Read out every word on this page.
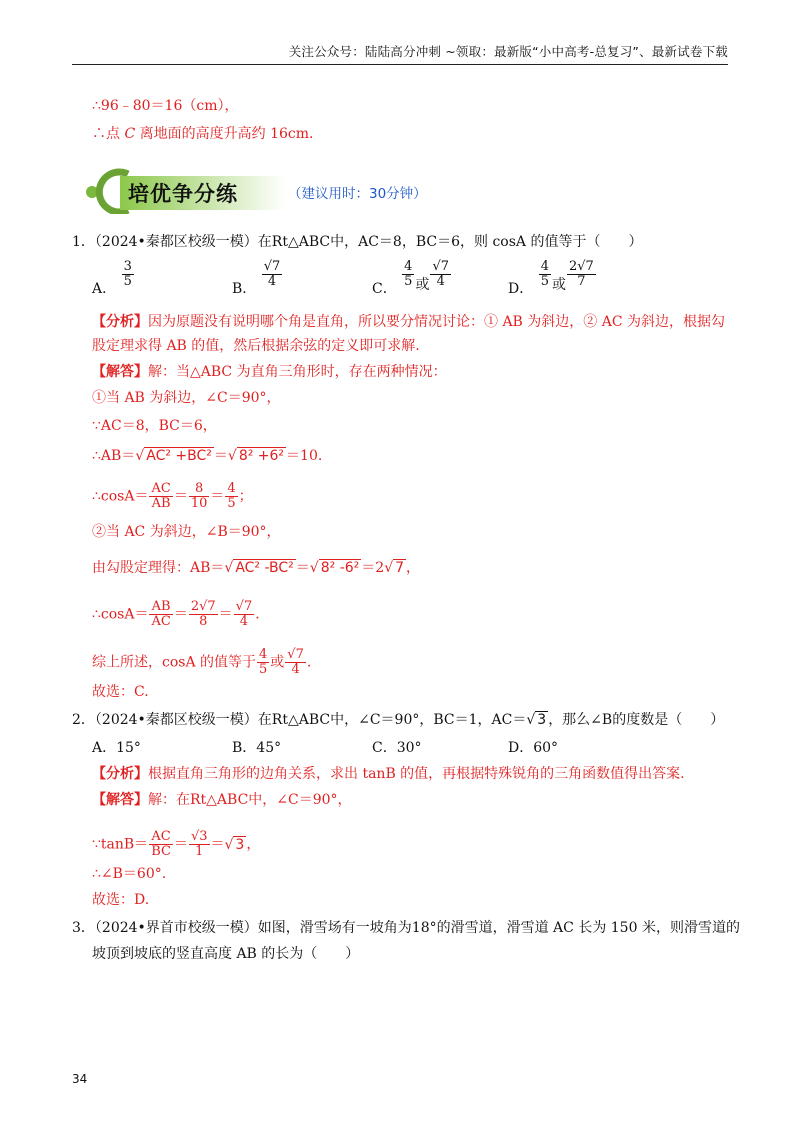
关注公众号：陆陆高分冲刺 ~领取：最新版“小中高考-总复习”、最新试卷下载
∴96﹣80＝16（cm），
∴点 C 离地面的高度升高约 16cm.
培优争分练	（建议用时：30分钟）
1．（2024•秦都区校级一模）在Rt△ABC中，AC＝8，BC＝6，则 cosA 的值等于（　　）
A． $\frac{3}{5}$	B． $\frac{√7}{4}$	C． $\frac{4}{5}$ 或 $\frac{√7}{4}$	D． $\frac{4}{5}$ 或 $\frac{2√7}{7}$
【分析】因为原题没有说明哪个角是直角，所以要分情况讨论：① AB 为斜边，② AC 为斜边，根据勾
股定理求得 AB 的值，然后根据余弦的定义即可求解.
【解答】解：当△ABC 为直角三角形时，存在两种情况：
①当 AB 为斜边，∠C＝90°，
∵AC＝8，BC＝6，
∴AB＝√ AC² +BC² ＝√ 8² +6² ＝10.
∴cosA＝ $\frac{AC}{AB} = \frac{8}{10} = \frac{4}{5}$ ；
②当 AC 为斜边，∠B＝90°，
由勾股定理得：AB＝√ AC² -BC² ＝√ 8² -6² ＝2√ 7 ，
∴cosA＝ $\frac{AB}{AC} = \frac{2√7}{8} = \frac{√7}{4}$ ．
综上所述，cosA 的值等于 $\frac{4}{5}$ 或 $\frac{√7}{4}$ .
故选：C.
2．（2024•秦都区校级一模）在Rt△ABC中，∠C＝90°，BC＝1，AC＝√ 3 ，那么∠B的度数是（　　）
A．15°	B．45°	C．30°	D．60°
【分析】根据直角三角形的边角关系，求出 tanB 的值，再根据特殊锐角的三角函数值得出答案.
【解答】解：在Rt△ABC中，∠C＝90°，
∵tanB＝ $\frac{AC}{BC} = \frac{√3}{1}$ ＝√ 3 ，
∴∠B＝60°.
故选：D.
3．（2024•界首市校级一模）如图，滑雪场有一坡角为18°的滑雪道，滑雪道 AC 长为 150 米，则滑雪道的
坡顶到坡底的竖直高度 AB 的长为（　　）
34
